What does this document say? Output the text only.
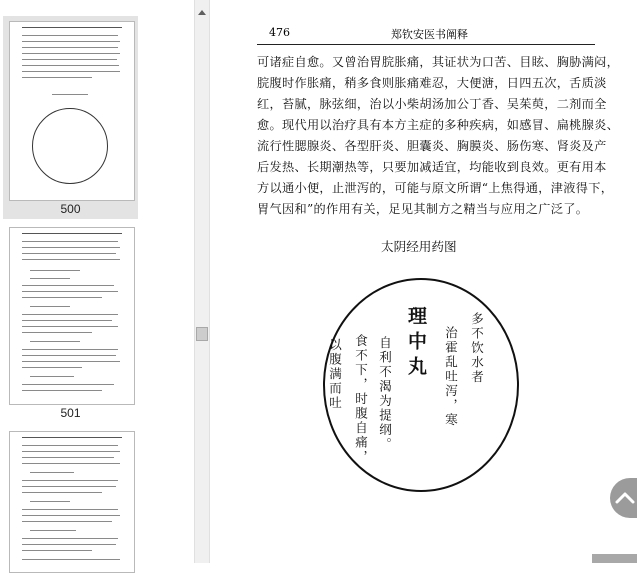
500
501
476	郑钦安医书阐释
可诸症自愈。又曾治胃脘胀痛，其证状为口苦、目眩、胸胁满闷，
脘腹时作胀痛，稍多食则胀痛难忍，大便溏，日四五次，舌质淡
红，苔腻，脉弦细，治以小柴胡汤加公丁香、吴茱萸，二剂而全
愈。现代用以治疗具有本方主症的多种疾病，如感冒、扁桃腺炎、
流行性腮腺炎、各型肝炎、胆囊炎、胸膜炎、肠伤寒、肾炎及产
后发热、长期潮热等，只要加减适宜，均能收到良效。更有用本
方以通小便，止泄泻的，可能与原文所谓“上焦得通，津液得下，
胃气因和”的作用有关，足见其制方之精当与应用之广泛了。
太阴经用药图
理中丸	多不饮水者
治霍乱吐泻，寒
自利不渴为提纲。
食不下，时腹自痛，
以腹满而吐
